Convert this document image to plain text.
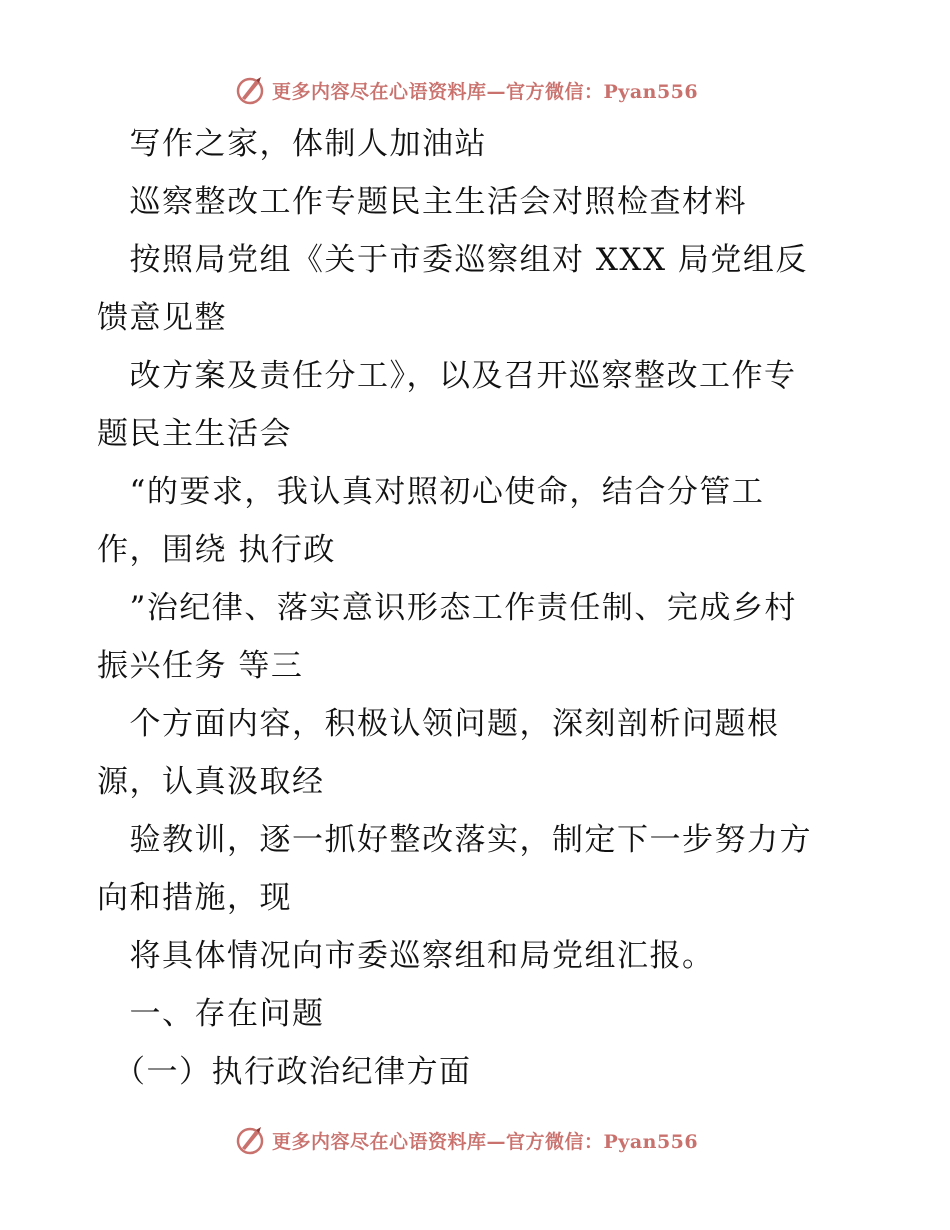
更多内容尽在心语资料库—官方微信：Pyan556
　写作之家，体制人加油站
　巡察整改工作专题民主生活会对照检查材料
　按照局党组《关于市委巡察组对 XXX 局党组反
馈意见整
　改方案及责任分工》，以及召开巡察整改工作专
题民主生活会
　“的要求，我认真对照初心使命，结合分管工
作，围绕 执行政
　”治纪律、落实意识形态工作责任制、完成乡村
振兴任务 等三
　个方面内容，积极认领问题，深刻剖析问题根
源，认真汲取经
　验教训，逐一抓好整改落实，制定下一步努力方
向和措施，现
　将具体情况向市委巡察组和局党组汇报。
　一、存在问题
　（一）执行政治纪律方面
更多内容尽在心语资料库—官方微信：Pyan556
